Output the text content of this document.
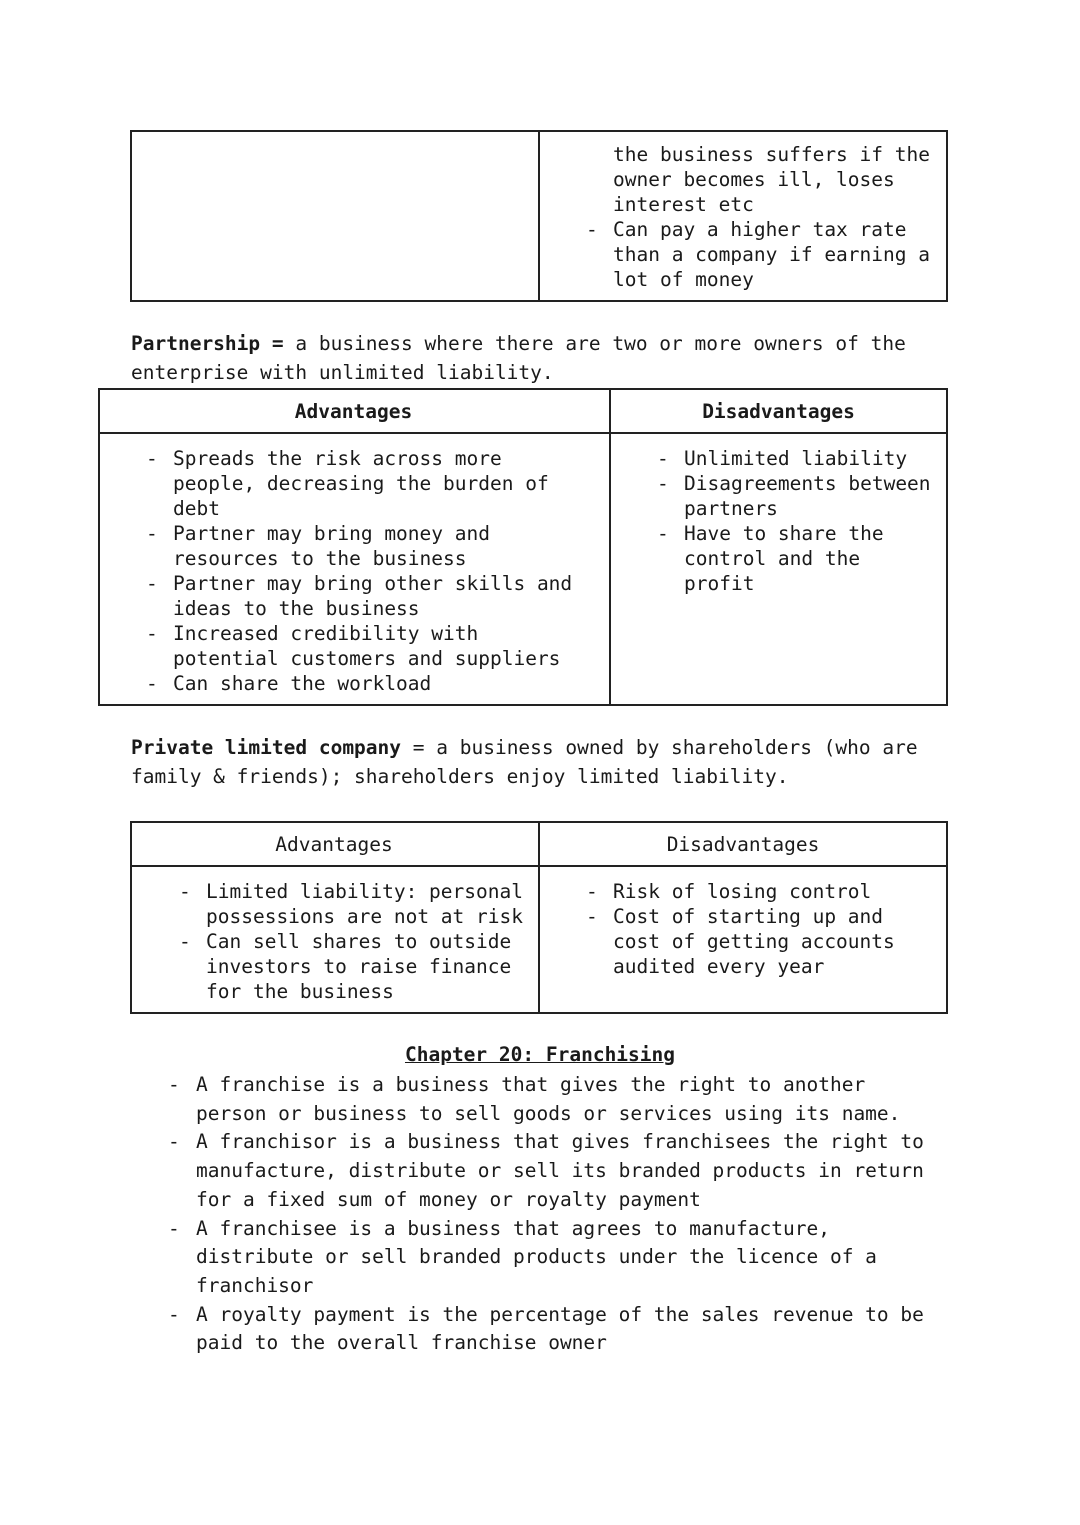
the business suffers if the owner becomes ill, loses interest etc
- Can pay a higher tax rate than a company if earning a lot of money
Partnership = a business where there are two or more owners of the enterprise with unlimited liability.
Advantages	Disadvantages
- Spreads the risk across more people, decreasing the burden of debt
- Partner may bring money and resources to the business
- Partner may bring other skills and ideas to the business
- Increased credibility with potential customers and suppliers
- Can share the workload
- Unlimited liability
- Disagreements between partners
- Have to share the control and the profit
Private limited company = a business owned by shareholders (who are family & friends); shareholders enjoy limited liability.
Advantages	Disadvantages
- Limited liability: personal possessions are not at risk
- Can sell shares to outside investors to raise finance for the business
- Risk of losing control
- Cost of starting up and cost of getting accounts audited every year
Chapter 20: Franchising
- A franchise is a business that gives the right to another person or business to sell goods or services using its name.
- A franchisor is a business that gives franchisees the right to manufacture, distribute or sell its branded products in return for a fixed sum of money or royalty payment
- A franchisee is a business that agrees to manufacture, distribute or sell branded products under the licence of a franchisor
- A royalty payment is the percentage of the sales revenue to be paid to the overall franchise owner
